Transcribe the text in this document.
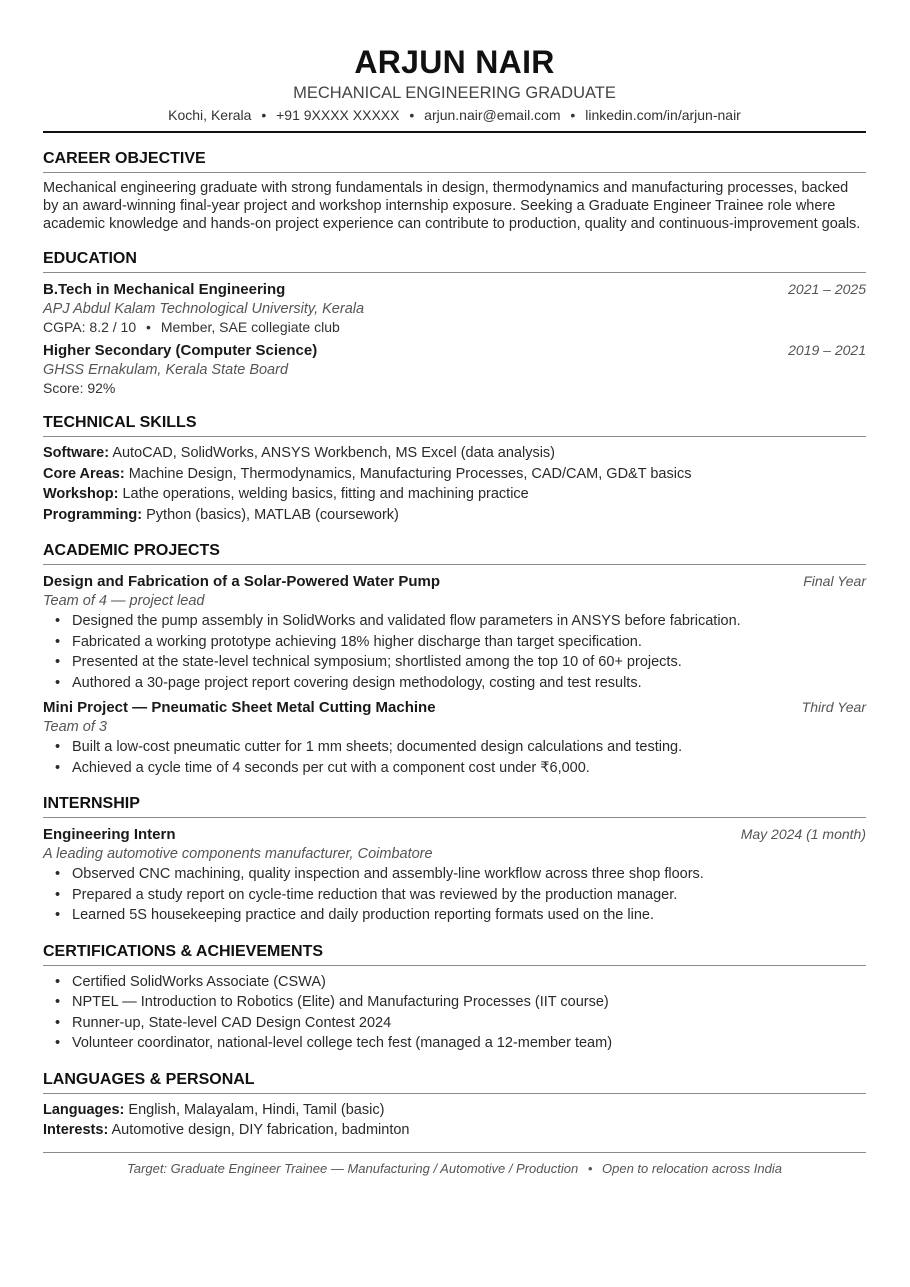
ARJUN NAIR
MECHANICAL ENGINEERING GRADUATE
Kochi, Kerala • +91 9XXXX XXXXX • arjun.nair@email.com • linkedin.com/in/arjun-nair
CAREER OBJECTIVE
Mechanical engineering graduate with strong fundamentals in design, thermodynamics and manufacturing processes, backed by an award-winning final-year project and workshop internship exposure. Seeking a Graduate Engineer Trainee role where academic knowledge and hands-on project experience can contribute to production, quality and continuous-improvement goals.
EDUCATION
B.Tech in Mechanical Engineering	2021 – 2025
APJ Abdul Kalam Technological University, Kerala
CGPA: 8.2 / 10 • Member, SAE collegiate club
Higher Secondary (Computer Science)	2019 – 2021
GHSS Ernakulam, Kerala State Board
Score: 92%
TECHNICAL SKILLS
Software: AutoCAD, SolidWorks, ANSYS Workbench, MS Excel (data analysis)
Core Areas: Machine Design, Thermodynamics, Manufacturing Processes, CAD/CAM, GD&T basics
Workshop: Lathe operations, welding basics, fitting and machining practice
Programming: Python (basics), MATLAB (coursework)
ACADEMIC PROJECTS
Design and Fabrication of a Solar-Powered Water Pump	Final Year
Team of 4 — project lead
• Designed the pump assembly in SolidWorks and validated flow parameters in ANSYS before fabrication.
• Fabricated a working prototype achieving 18% higher discharge than target specification.
• Presented at the state-level technical symposium; shortlisted among the top 10 of 60+ projects.
• Authored a 30-page project report covering design methodology, costing and test results.
Mini Project — Pneumatic Sheet Metal Cutting Machine	Third Year
Team of 3
• Built a low-cost pneumatic cutter for 1 mm sheets; documented design calculations and testing.
• Achieved a cycle time of 4 seconds per cut with a component cost under ₹6,000.
INTERNSHIP
Engineering Intern	May 2024 (1 month)
A leading automotive components manufacturer, Coimbatore
• Observed CNC machining, quality inspection and assembly-line workflow across three shop floors.
• Prepared a study report on cycle-time reduction that was reviewed by the production manager.
• Learned 5S housekeeping practice and daily production reporting formats used on the line.
CERTIFICATIONS & ACHIEVEMENTS
• Certified SolidWorks Associate (CSWA)
• NPTEL — Introduction to Robotics (Elite) and Manufacturing Processes (IIT course)
• Runner-up, State-level CAD Design Contest 2024
• Volunteer coordinator, national-level college tech fest (managed a 12-member team)
LANGUAGES & PERSONAL
Languages: English, Malayalam, Hindi, Tamil (basic)
Interests: Automotive design, DIY fabrication, badminton
Target: Graduate Engineer Trainee — Manufacturing / Automotive / Production • Open to relocation across India
